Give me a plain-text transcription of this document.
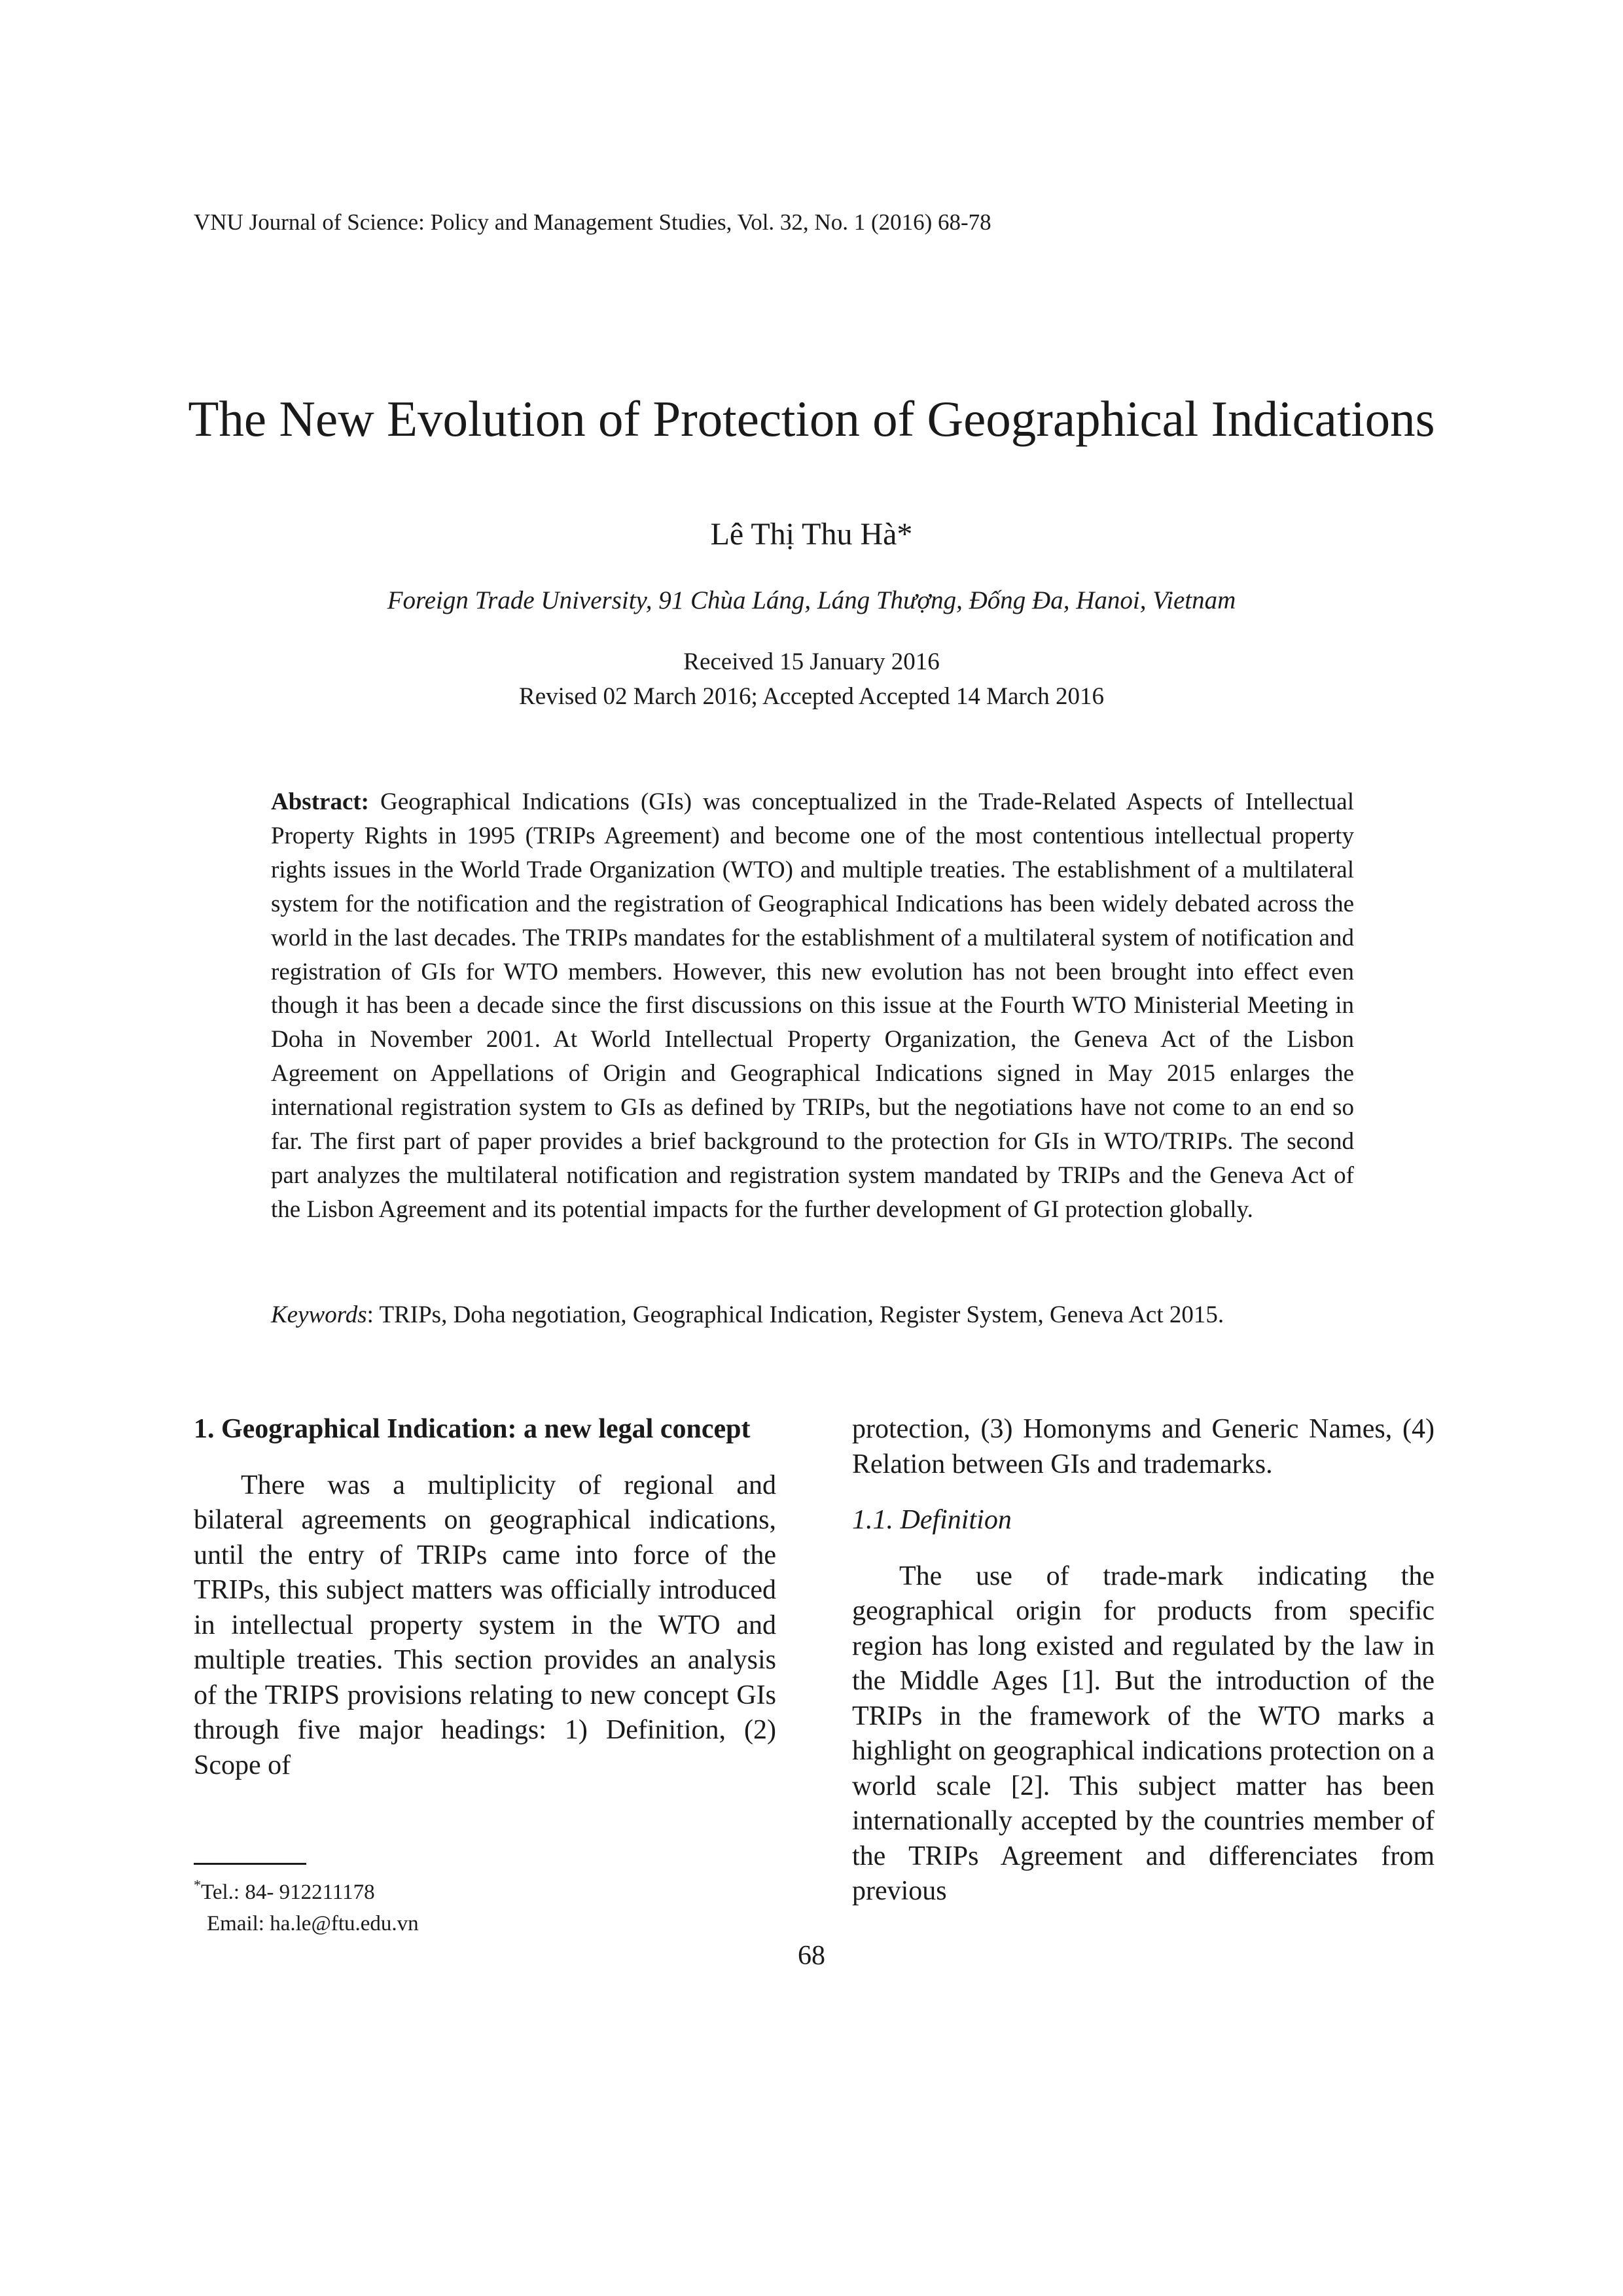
VNU Journal of Science: Policy and Management Studies, Vol. 32, No. 1 (2016) 68-78
The New Evolution of Protection of Geographical Indications
Lê Thị Thu Hà*
Foreign Trade University, 91 Chùa Láng, Láng Thượng, Đống Đa, Hanoi, Vietnam
Received 15 January 2016
Revised 02 March 2016; Accepted Accepted 14 March 2016
Abstract: Geographical Indications (GIs) was conceptualized in the Trade-Related Aspects of Intellectual Property Rights in 1995 (TRIPs Agreement) and become one of the most contentious intellectual property rights issues in the World Trade Organization (WTO) and multiple treaties. The establishment of a multilateral system for the notification and the registration of Geographical Indications has been widely debated across the world in the last decades. The TRIPs mandates for the establishment of a multilateral system of notification and registration of GIs for WTO members. However, this new evolution has not been brought into effect even though it has been a decade since the first discussions on this issue at the Fourth WTO Ministerial Meeting in Doha in November 2001. At World Intellectual Property Organization, the Geneva Act of the Lisbon Agreement on Appellations of Origin and Geographical Indications signed in May 2015 enlarges the international registration system to GIs as defined by TRIPs, but the negotiations have not come to an end so far. The first part of paper provides a brief background to the protection for GIs in WTO/TRIPs. The second part analyzes the multilateral notification and registration system mandated by TRIPs and the Geneva Act of the Lisbon Agreement and its potential impacts for the further development of GI protection globally.
Keywords: TRIPs, Doha negotiation, Geographical Indication, Register System, Geneva Act 2015.
1. Geographical Indication: a new legal concept
There was a multiplicity of regional and bilateral agreements on geographical indications, until the entry of TRIPs came into force of the TRIPs, this subject matters was officially introduced in intellectual property system in the WTO and multiple treaties. This section provides an analysis of the TRIPS provisions relating to new concept GIs through five major headings: 1) Definition, (2) Scope of
protection, (3) Homonyms and Generic Names, (4) Relation between GIs and trademarks.
1.1. Definition
The use of trade-mark indicating the geographical origin for products from specific region has long existed and regulated by the law in the Middle Ages [1]. But the introduction of the TRIPs in the framework of the WTO marks a highlight on geographical indications protection on a world scale [2]. This subject matter has been internationally accepted by the countries member of the TRIPs Agreement and differenciates from previous
*Tel.: 84- 912211178
Email: ha.le@ftu.edu.vn
68
